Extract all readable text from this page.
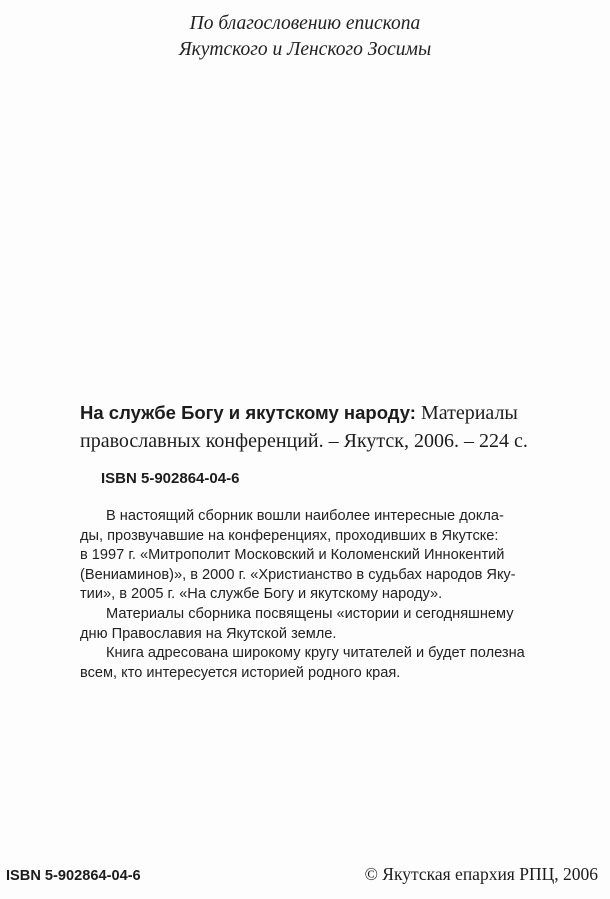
По благословению епископа
Якутского и Ленского Зосимы
На службе Богу и якутскому народу: Материалы
православных конференций. – Якутск, 2006. – 224 с.
ISBN 5-902864-04-6
В настоящий сборник вошли наиболее интересные докла-
ды, прозвучавшие на конференциях, проходивших в Якутске:
в 1997 г. «Митрополит Московский и Коломенский Иннокентий
(Вениаминов)», в 2000 г. «Христианство в судьбах народов Якy-
тии», в 2005 г. «На службе Богу и якутскому народу».
Материалы сборника посвящены «истории и сегодняшнему
дню Православия на Якутской земле.
Книга адресована широкому кругу читателей и будет полезна
всем, кто интересуется историей родного края.
ISBN 5-902864-04-6	© Якутская епархия РПЦ, 2006
